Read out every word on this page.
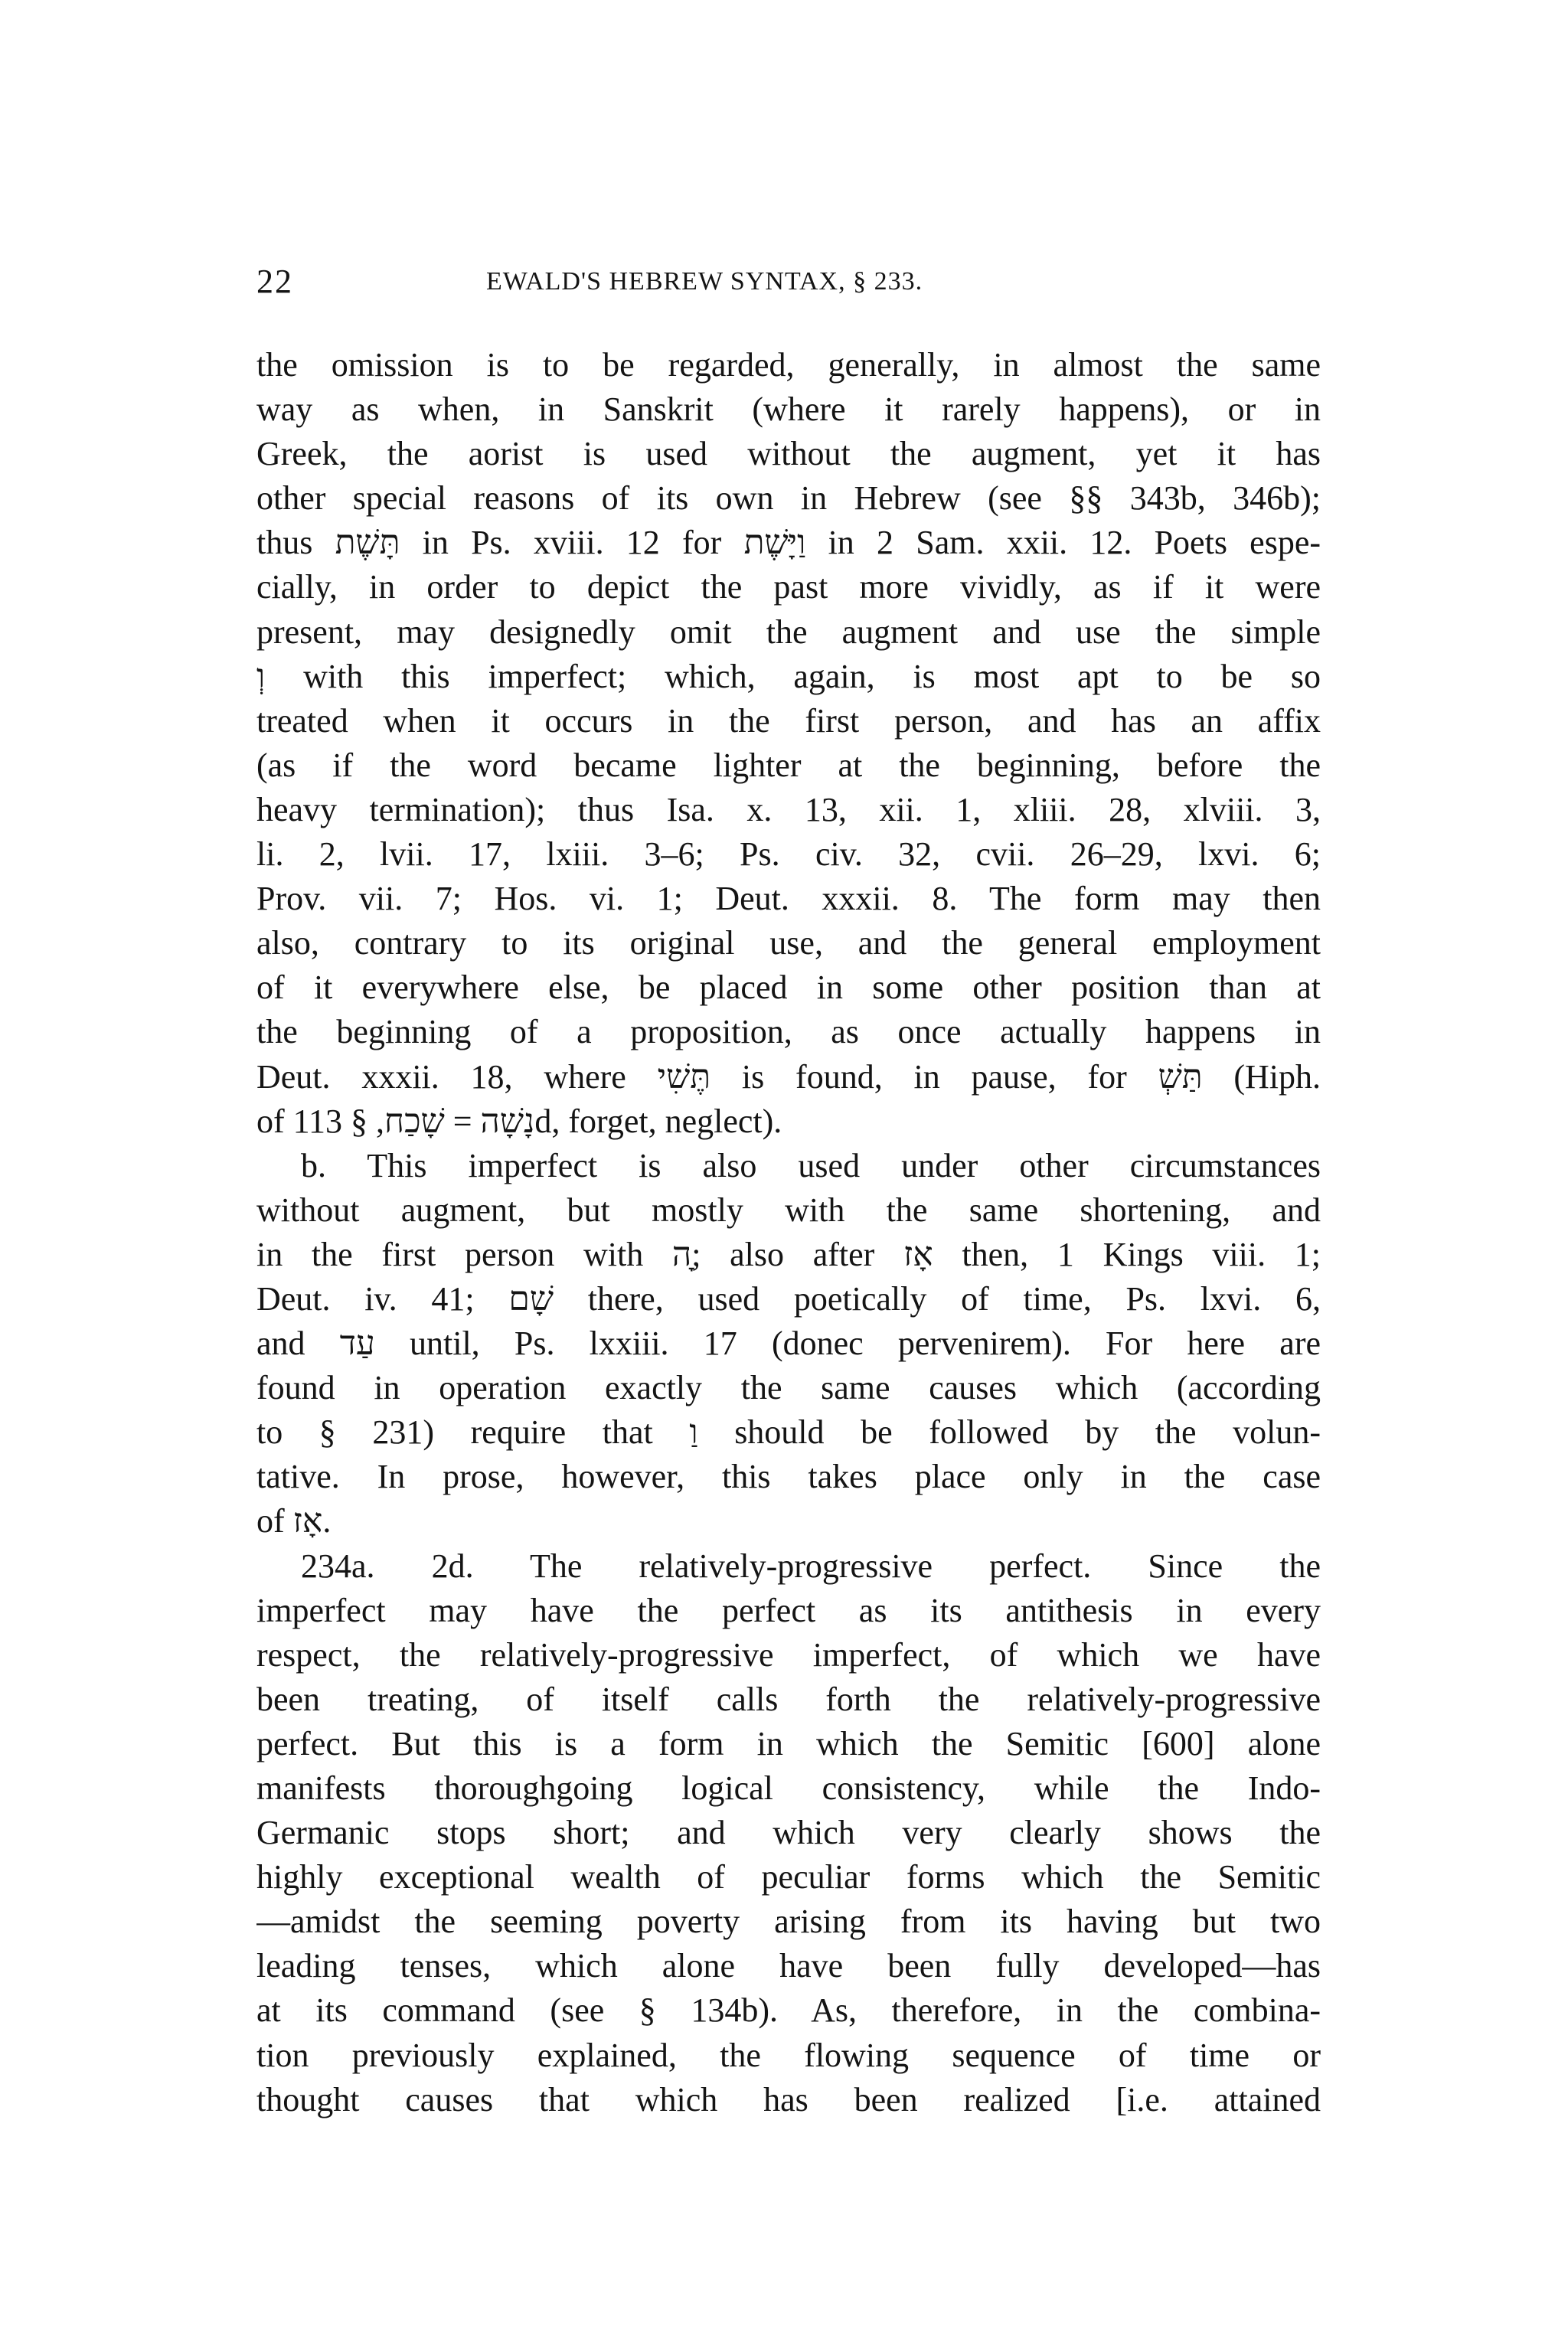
22	EWALD'S HEBREW SYNTAX, § 233.
the omission is to be regarded, generally, in almost the same
way as when, in Sanskrit (where it rarely happens), or in
Greek, the aorist is used without the augment, yet it has
other special reasons of its own in Hebrew (see §§ 343b, 346b);
thus תָּשֶׁת in Ps. xviii. 12 for וַיָּשֶׁת in 2 Sam. xxii. 12. Poets espe-
cially, in order to depict the past more vividly, as if it were
present, may designedly omit the augment and use the simple
וְ with this imperfect; which, again, is most apt to be so
treated when it occurs in the first person, and has an affix
(as if the word became lighter at the beginning, before the
heavy termination); thus Isa. x. 13, xii. 1, xliii. 28, xlviii. 3,
li. 2, lvii. 17, lxiii. 3–6; Ps. civ. 32, cvii. 26–29, lxvi. 6;
Prov. vii. 7; Hos. vi. 1; Deut. xxxii. 8. The form may then
also, contrary to its original use, and the general employment
of it everywhere else, be placed in some other position than at
the beginning of a proposition, as once actually happens in
Deut. xxxii. 18, where תֶּשִׁי is found, in pause, for תַּשְׁ (Hiph.
of נָשָׁה = שָׁכַח, § 113d, forget, neglect).
b. This imperfect is also used under other circumstances
without augment, but mostly with the same shortening, and
in the first person with ה‎ָ‎; also after אָז then, 1 Kings viii. 1;
Deut. iv. 41; שָׁם there, used poetically of time, Ps. lxvi. 6,
and עַד until, Ps. lxxiii. 17 (donec pervenirem). For here are
found in operation exactly the same causes which (according
to § 231) require that וַ should be followed by the volun-
tative. In prose, however, this takes place only in the case
of אָז.
234a. 2d. The relatively-progressive perfect. Since the
imperfect may have the perfect as its antithesis in every
respect, the relatively-progressive imperfect, of which we have
been treating, of itself calls forth the relatively-progressive
perfect. But this is a form in which the Semitic [600] alone
manifests thoroughgoing logical consistency, while the Indo-
Germanic stops short; and which very clearly shows the
highly exceptional wealth of peculiar forms which the Semitic
—amidst the seeming poverty arising from its having but two
leading tenses, which alone have been fully developed—has
at its command (see § 134b). As, therefore, in the combina-
tion previously explained, the flowing sequence of time or
thought causes that which has been realized [i.e. attained
